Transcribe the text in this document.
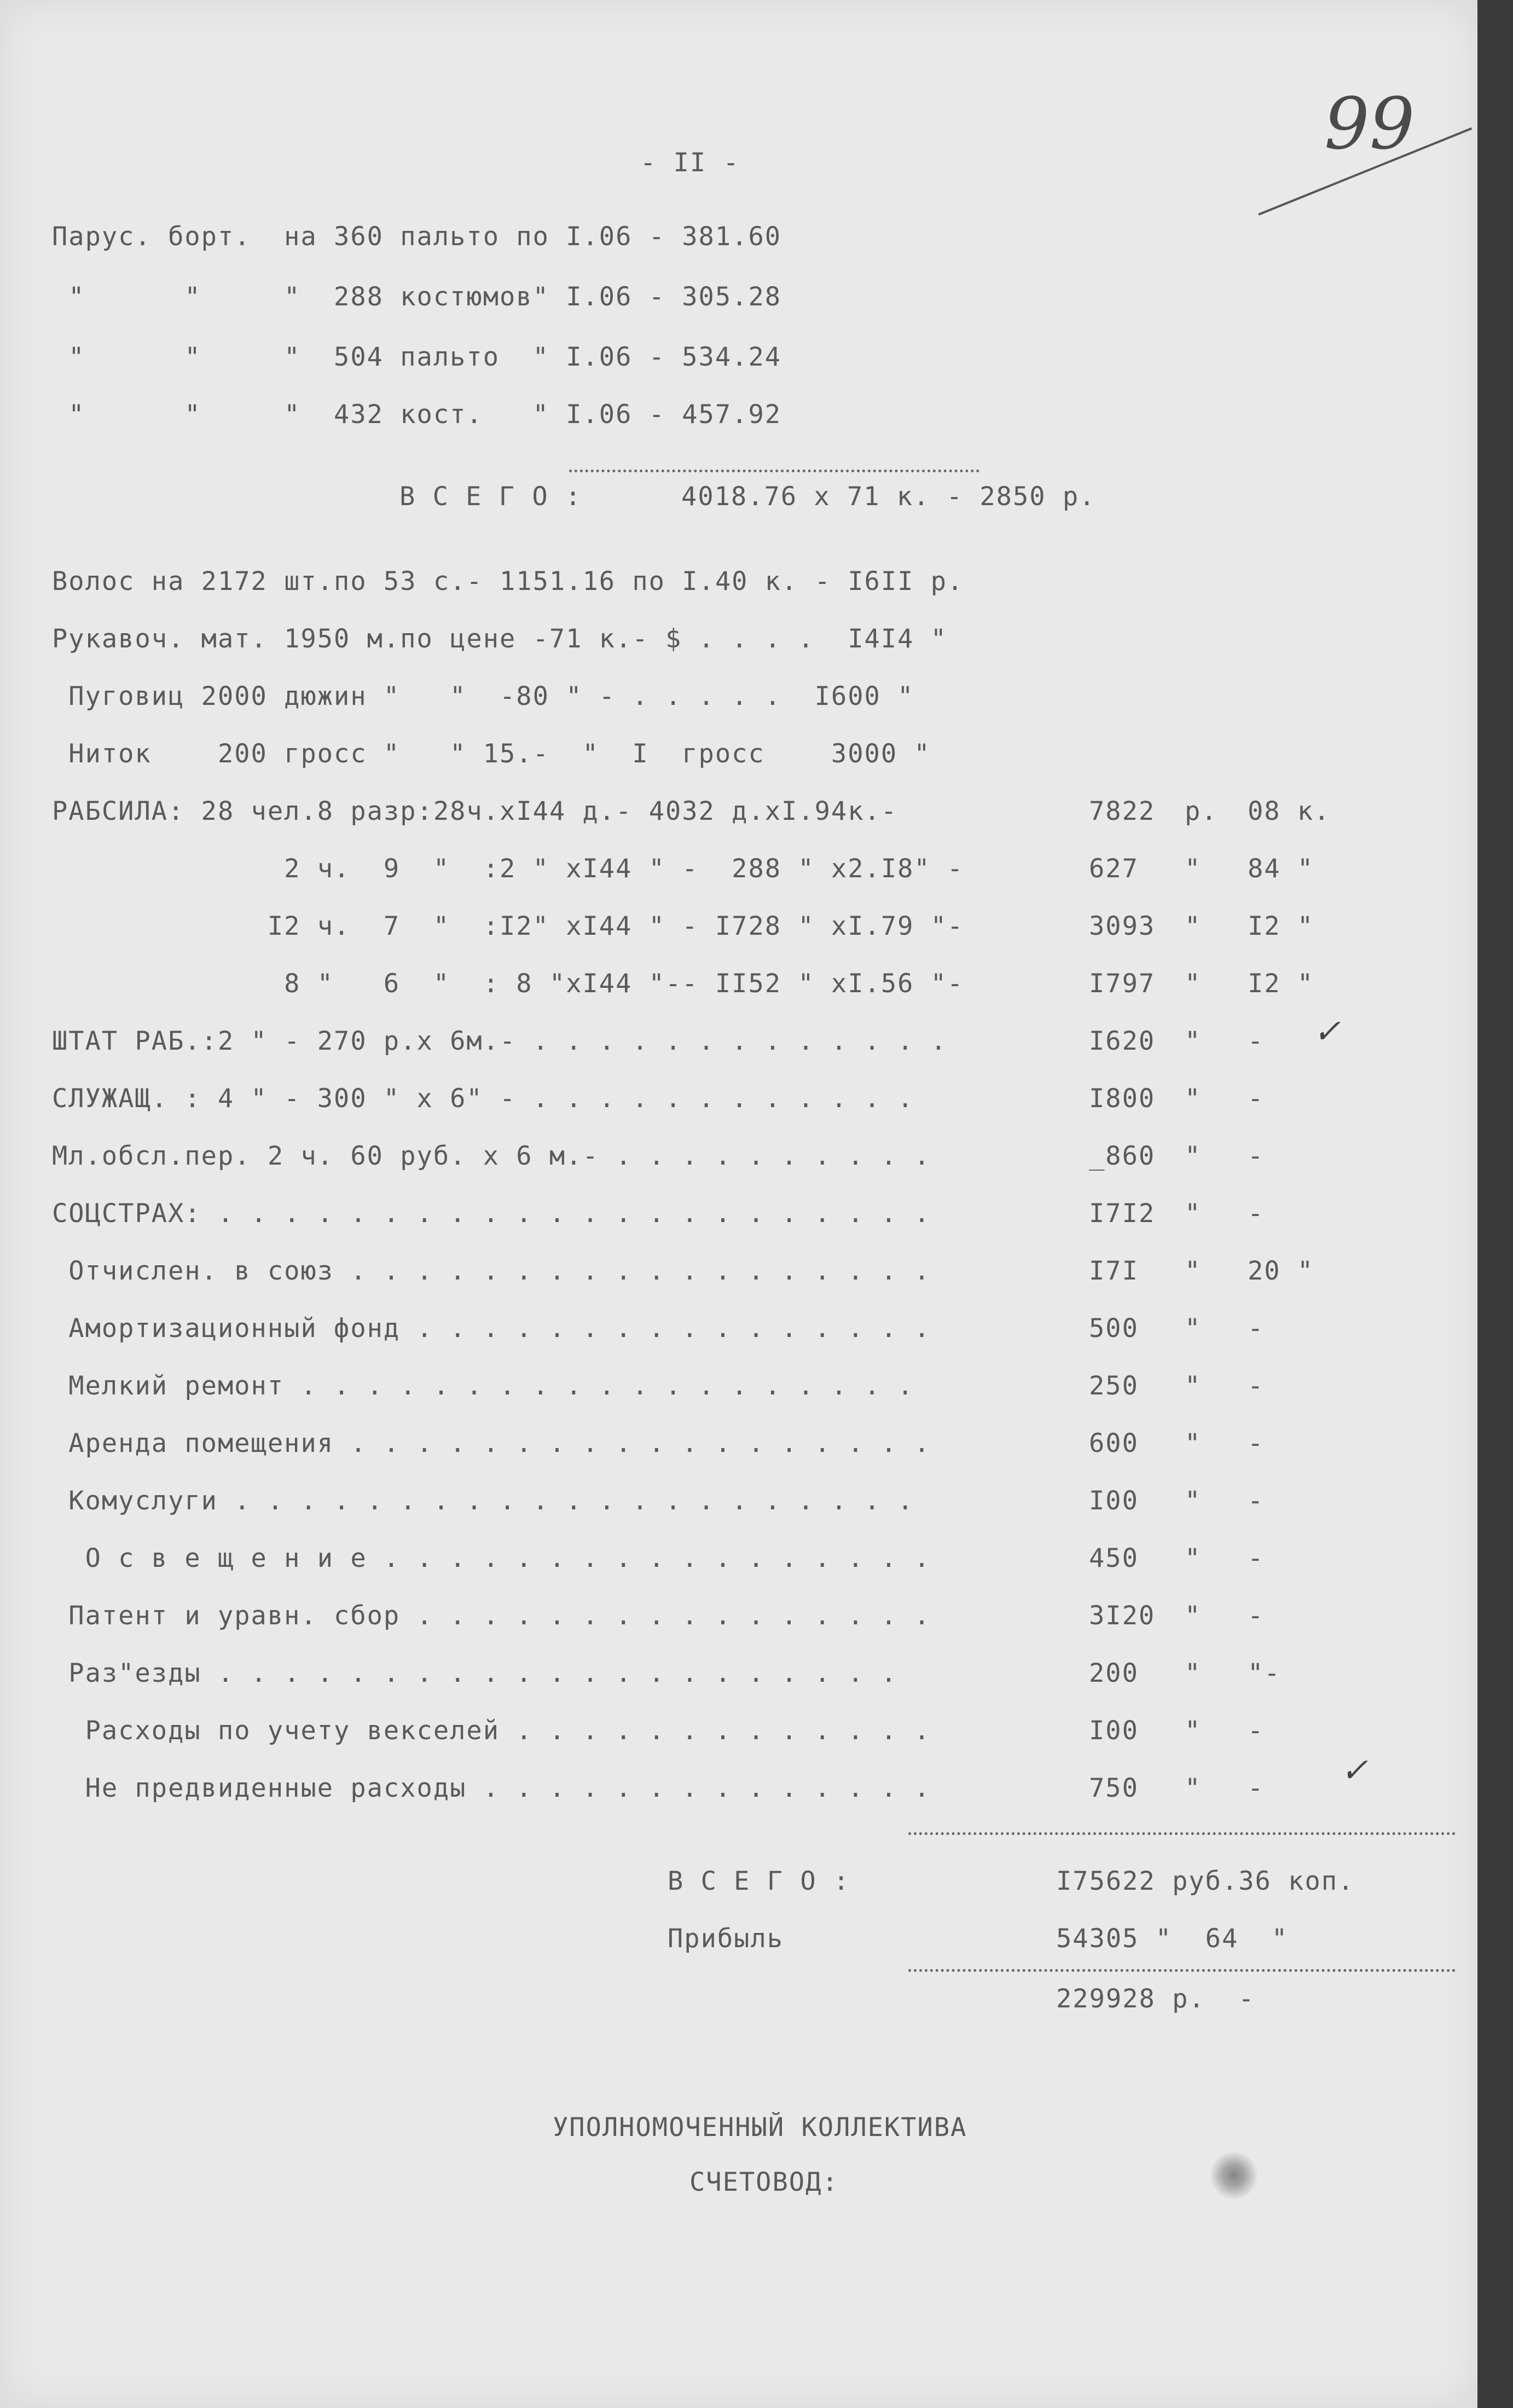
- II -	99
Парус. борт.  на 360 пальто по I.06 - 381.60
"      "     "  288 костюмов" I.06 - 305.28
"      "     "  504 пальто  " I.06 - 534.24
"      "     "  432 кост.   " I.06 - 457.92
В С Е Г О :      4018.76 х 71 к. - 2850 р.
Волос на 2172 шт.по 53 с.- 1151.16 по I.40 к. - I6II р.
Рукавоч. мат. 1950 м.по цене -71 к.- $ . . . .  I4I4 "
Пуговиц 2000 дюжин "   "  -80 " - . . . . .  I600 "
Ниток    200 гросс "   " 15.-  "  I  гросс    3000 "
РАБСИЛА: 28 чел.8 разр:28ч.хI44 д.- 4032 д.хI.94к.-	7822 р. 08 к.
2 ч.  9  "  :2 " хI44 " -  288 " х2.I8" -	627 " 84 "
I2 ч.  7  "  :I2" хI44 " - I728 " хI.79 "-	3093 " I2 "
8 "   6  "  : 8 "хI44 "-- II52 " хI.56 "-	I797 " I2 "
ШТАТ РАБ.:2 " - 270 р.х 6м.- . . . . . . . . . . . . .	I620 " -
СЛУЖАЩ. : 4 " - 300 " х 6" - . . . . . . . . . . . .	I800 " -
Мл.обсл.пер. 2 ч. 60 руб. х 6 м.- . . . . . . . . . .	_860 " -
СОЦСТРАХ: . . . . . . . . . . . . . . . . . . . . . .	I7I2 " -
Отчислен. в союз . . . . . . . . . . . . . . . . . .	I7I " 20 "
Амортизационный фонд . . . . . . . . . . . . . . . .	500 " -
Мелкий ремонт . . . . . . . . . . . . . . . . . . .	250 " -
Аренда помещения . . . . . . . . . . . . . . . . . .	600 " -
Комуслуги . . . . . . . . . . . . . . . . . . . . .	I00 " -
О с в е щ е н и е . . . . . . . . . . . . . . . . .	450 " -
Патент и уравн. сбор . . . . . . . . . . . . . . . .	3I20 " -
Раз"езды . . . . . . . . . . . . . . . . . . . . .	200 " "-
Расходы по учету векселей . . . . . . . . . . . . .	I00 " -
Не предвиденные расходы . . . . . . . . . . . . . .	750 " -
✓
✓
В С Е Г О :	I75622 руб.36 коп.
Прибыль	54305 "  64  "
229928 р.  -
УПОЛНОМОЧЕННЫЙ КОЛЛЕКТИВА
СЧЕТОВОД:
